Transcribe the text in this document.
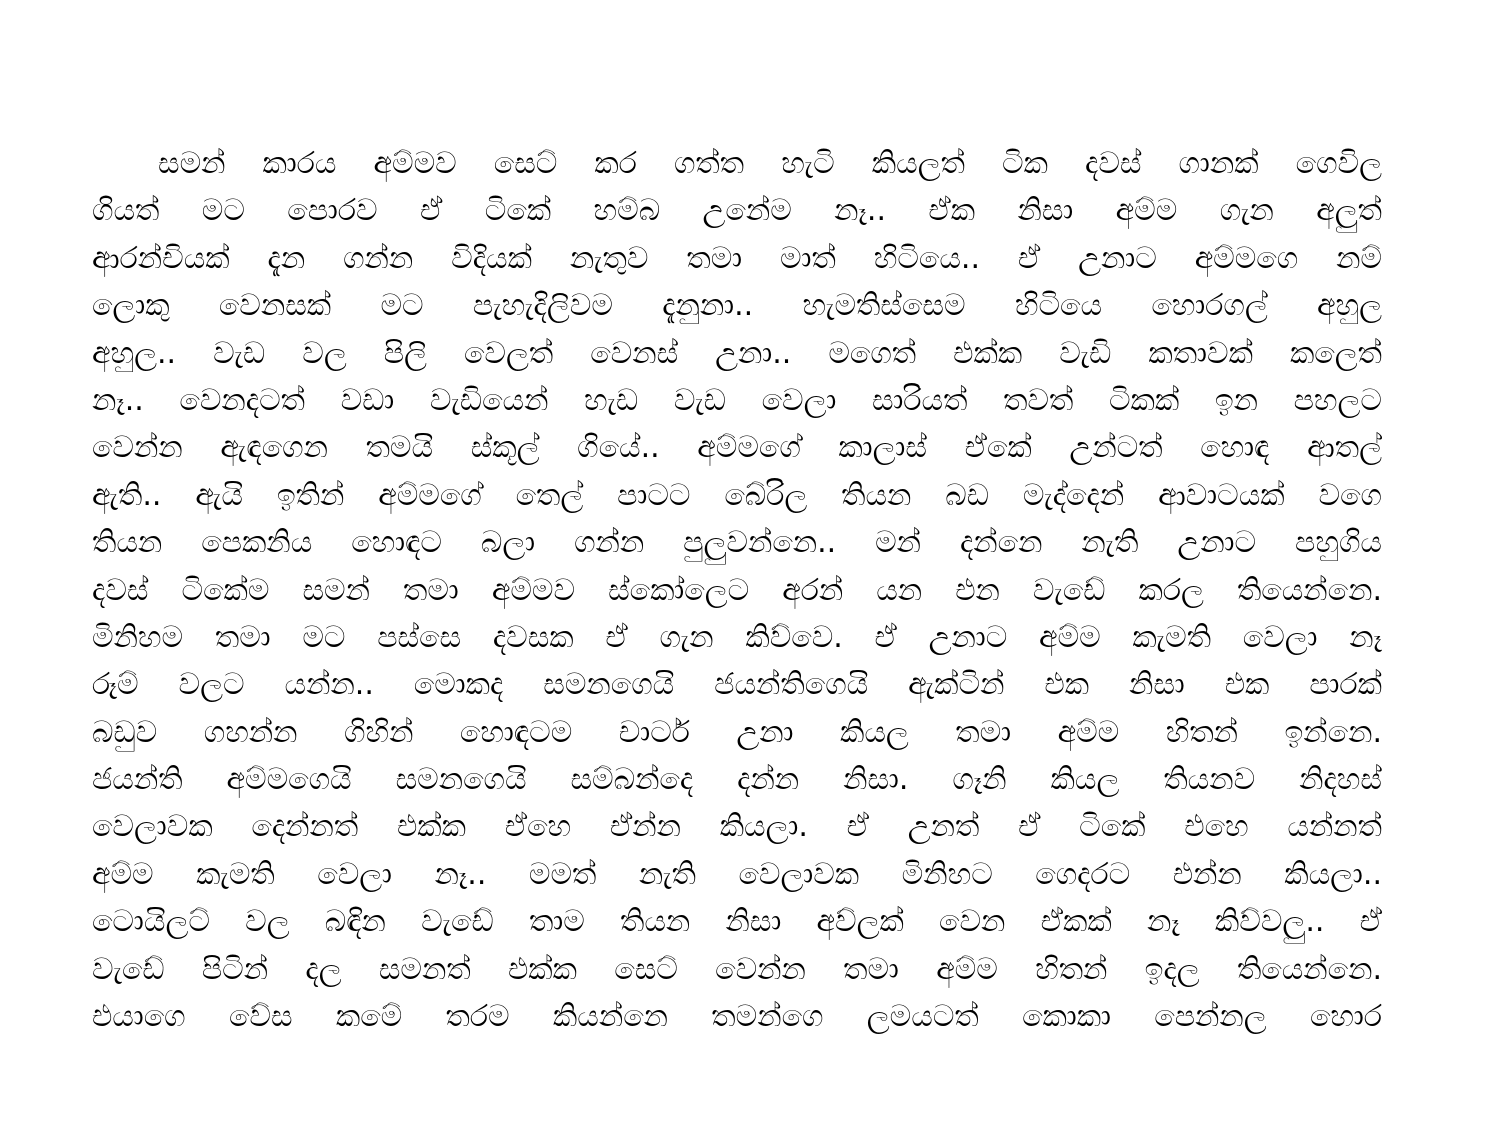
සමන් කාරය අම්මව සෙට් කර ගත්ත හැටි කියලත් ටික දවස් ගානක් ගෙවිල
ගියත් මට පොරව ඒ ටිකේ හම්බ උනේම නෑ.. ඒක නිසා අම්ම ගැන අලුත්
ආරන්චියක් දැන ගන්න විදියක් නැතුව තමා මාත් හිටියෙ.. ඒ උනාට අම්මගෙ නම්
ලොකු වෙනසක් මට පැහැදිලිවම දැනුනා.. හැමතිස්සෙම හිටියෙ හොරගල් අහුල
අහුල.. වැඩ වල පිලි වෙලත් වෙනස් උනා.. මගෙත් එක්ක වැඩි කතාවක් කලෙත්
නෑ.. වෙනදටත් වඩා වැඩියෙන් හැඩ වැඩ වෙලා සාරියත් තවත් ටිකක් ඉන පහලට
වෙන්න ඇඳගෙන තමයි ස්කූල් ගියේ.. අම්මගේ කාලාස් ඒකේ උන්ටත් හොඳ ආතල්
ඇති.. ඇයි ඉතින් අම්මගේ තෙල් පාටට බේරිල තියන බඩ මැද්දෙන් ආවාටයක් වගෙ
තියන පෙකනිය හොඳට බලා ගන්න පුලුවන්නෙ.. මන් දන්නෙ නැති උනාට පහුගිය
දවස් ටිකේම සමන් තමා අම්මව ස්කෝලෙට අරන් යන එන වැඩේ කරල තියෙන්නෙ.
මිනිහම තමා මට පස්සෙ දවසක ඒ ගැන කිව්වෙ. ඒ උනාට අම්ම කැමති වෙලා නෑ
රූම් වලට යන්න.. මොකද සමනගෙයි ජයන්තිගෙයි ඇක්ටින් එක නිසා එක පාරක්
බඩුව ගහන්න ගිහින් හොඳටම චාටර් උනා කියල තමා අම්ම හිතන් ඉන්නෙ.
ජයන්ති අම්මගෙයි සමනගෙයි සම්බන්දෙ දන්න නිසා. ගෑනි කියල තියනව නිදහස්
වෙලාවක දෙන්නත් එක්ක ඒහෙ ඒන්න කියලා. ඒ උනත් ඒ ටිකේ එහෙ යන්නත්
අම්ම කැමති වෙලා නෑ.. මමත් නැති වෙලාවක මිනිහට ගෙදරට එන්න කියලා..
ටොයිලට් වල බඳින වැඩේ තාම තියන නිසා අව්ලක් වෙන ඒකක් නෑ කිව්වලු.. ඒ
වැඩේ පිටින් දල සමනත් එක්ක සෙට් වෙන්න තමා අම්ම හිතන් ඉදල තියෙන්නෙ.
එයාගෙ වේස කමේ තරම කියන්නෙ තමන්ගෙ ලමයටත් කොකා පෙන්නල හොර
